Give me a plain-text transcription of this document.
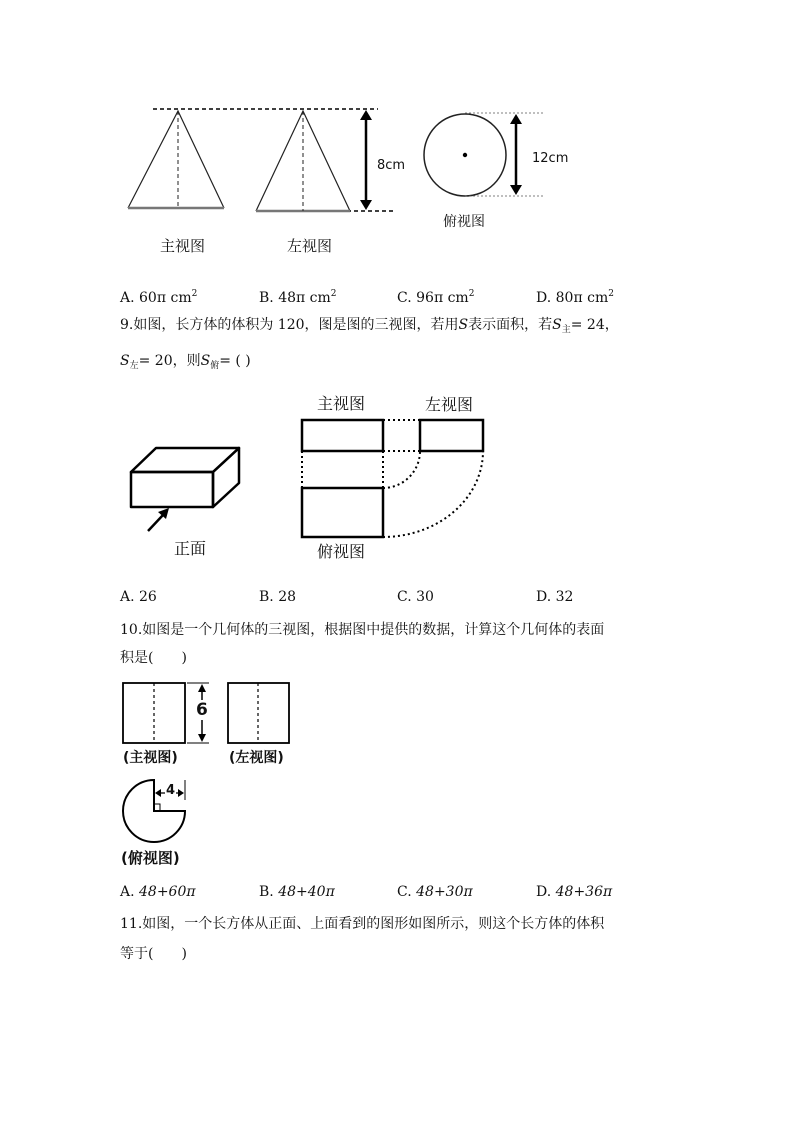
8cm	12cm
俯视图
主视图	左视图
A. 60π $cm^2$	B. 48π $cm^2$	C. 96π $cm^2$	D. 80π $cm^2$
9.如图，长方体的体积为 120，图是图的三视图，若用S表示面积，若$S_主= 24$，
$S_左= 20$，则$S_俯=$ ( )
主视图	左视图
俯视图
正面
A. 26	B. 28	C. 30	D. 32
10.如图是一个几何体的三视图，根据图中提供的数据，计算这个几何体的表面
积是(　　)
6
4
(主视图)	(左视图)
(俯视图)
A. 48+60π	B. 48+40π	C. 48+30π	D. 48+36π
11.如图，一个长方体从正面、上面看到的图形如图所示，则这个长方体的体积
等于(　　)
